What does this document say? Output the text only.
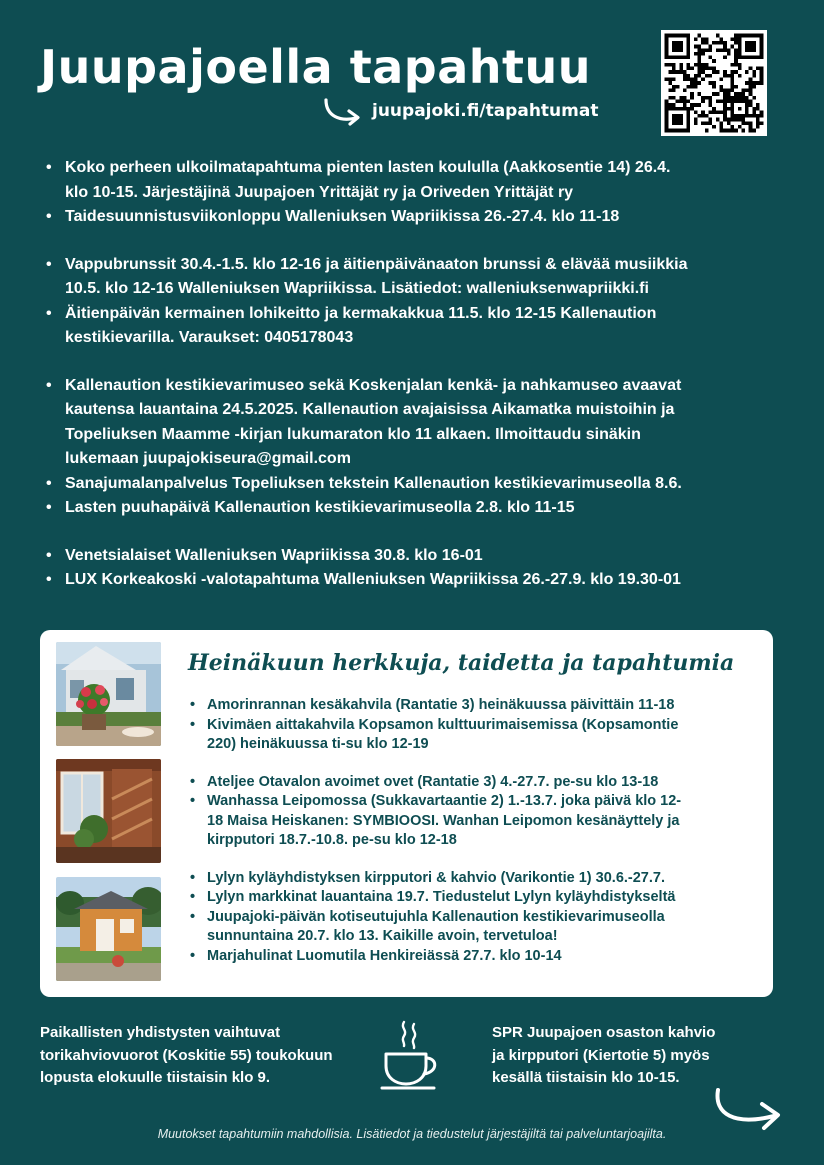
Juupajoella tapahtuu
juupajoki.fi/tapahtumat
• Koko perheen ulkoilmatapahtuma pienten lasten koululla (Aakkosentie 14) 26.4.
klo 10-15. Järjestäjinä Juupajoen Yrittäjät ry ja Oriveden Yrittäjät ry
• Taidesuunnistusviikonloppu Walleniuksen Wapriikissa 26.-27.4. klo 11-18
• Vappubrunssit 30.4.-1.5. klo 12-16 ja äitienpäivänaaton brunssi & elävää musiikkia
10.5. klo 12-16 Walleniuksen Wapriikissa. Lisätiedot: walleniuksenwapriikki.fi
• Äitienpäivän kermainen lohikeitto ja kermakakkua 11.5. klo 12-15 Kallenaution
kestikievarilla. Varaukset: 0405178043
• Kallenaution kestikievarimuseo sekä Koskenjalan kenkä- ja nahkamuseo avaavat
kautensa lauantaina 24.5.2025. Kallenaution avajaisissa Aikamatka muistoihin ja
Topeliuksen Maamme -kirjan lukumaraton klo 11 alkaen. Ilmoittaudu sinäkin
lukemaan juupajokiseura@gmail.com
• Sanajumalanpalvelus Topeliuksen tekstein Kallenaution kestikievarimuseolla 8.6.
• Lasten puuhapäivä Kallenaution kestikievarimuseolla 2.8. klo 11-15
• Venetsialaiset Walleniuksen Wapriikissa 30.8. klo 16-01
• LUX Korkeakoski -valotapahtuma Walleniuksen Wapriikissa 26.-27.9. klo 19.30-01
Heinäkuun herkkuja, taidetta ja tapahtumia
• Amorinrannan kesäkahvila (Rantatie 3) heinäkuussa päivittäin 11-18
• Kivimäen aittakahvila Kopsamon kulttuurimaisemissa (Kopsamontie
220) heinäkuussa ti-su klo 12-19
• Ateljee Otavalon avoimet ovet (Rantatie 3) 4.-27.7. pe-su klo 13-18
• Wanhassa Leipomossa (Sukkavartaantie 2) 1.-13.7. joka päivä klo 12-
18 Maisa Heiskanen: SYMBIOOSI. Wanhan Leipomon kesänäyttely ja
kirpputori 18.7.-10.8. pe-su klo 12-18
• Lylyn kyläyhdistyksen kirpputori & kahvio (Varikontie 1) 30.6.-27.7.
• Lylyn markkinat lauantaina 19.7. Tiedustelut Lylyn kyläyhdistykseltä
• Juupajoki-päivän kotiseutujuhla Kallenaution kestikievarimuseolla
sunnuntaina 20.7. klo 13. Kaikille avoin, tervetuloa!
• Marjahulinat Luomutila Henkireiässä 27.7. klo 10-14
Paikallisten yhdistysten vaihtuvat
torikahviovuorot (Koskitie 55) toukokuun
lopusta elokuulle tiistaisin klo 9.
SPR Juupajoen osaston kahvio
ja kirpputori (Kiertotie 5) myös
kesällä tiistaisin klo 10-15.
Muutokset tapahtumiin mahdollisia. Lisätiedot ja tiedustelut järjestäjiltä tai palveluntarjoajilta.
